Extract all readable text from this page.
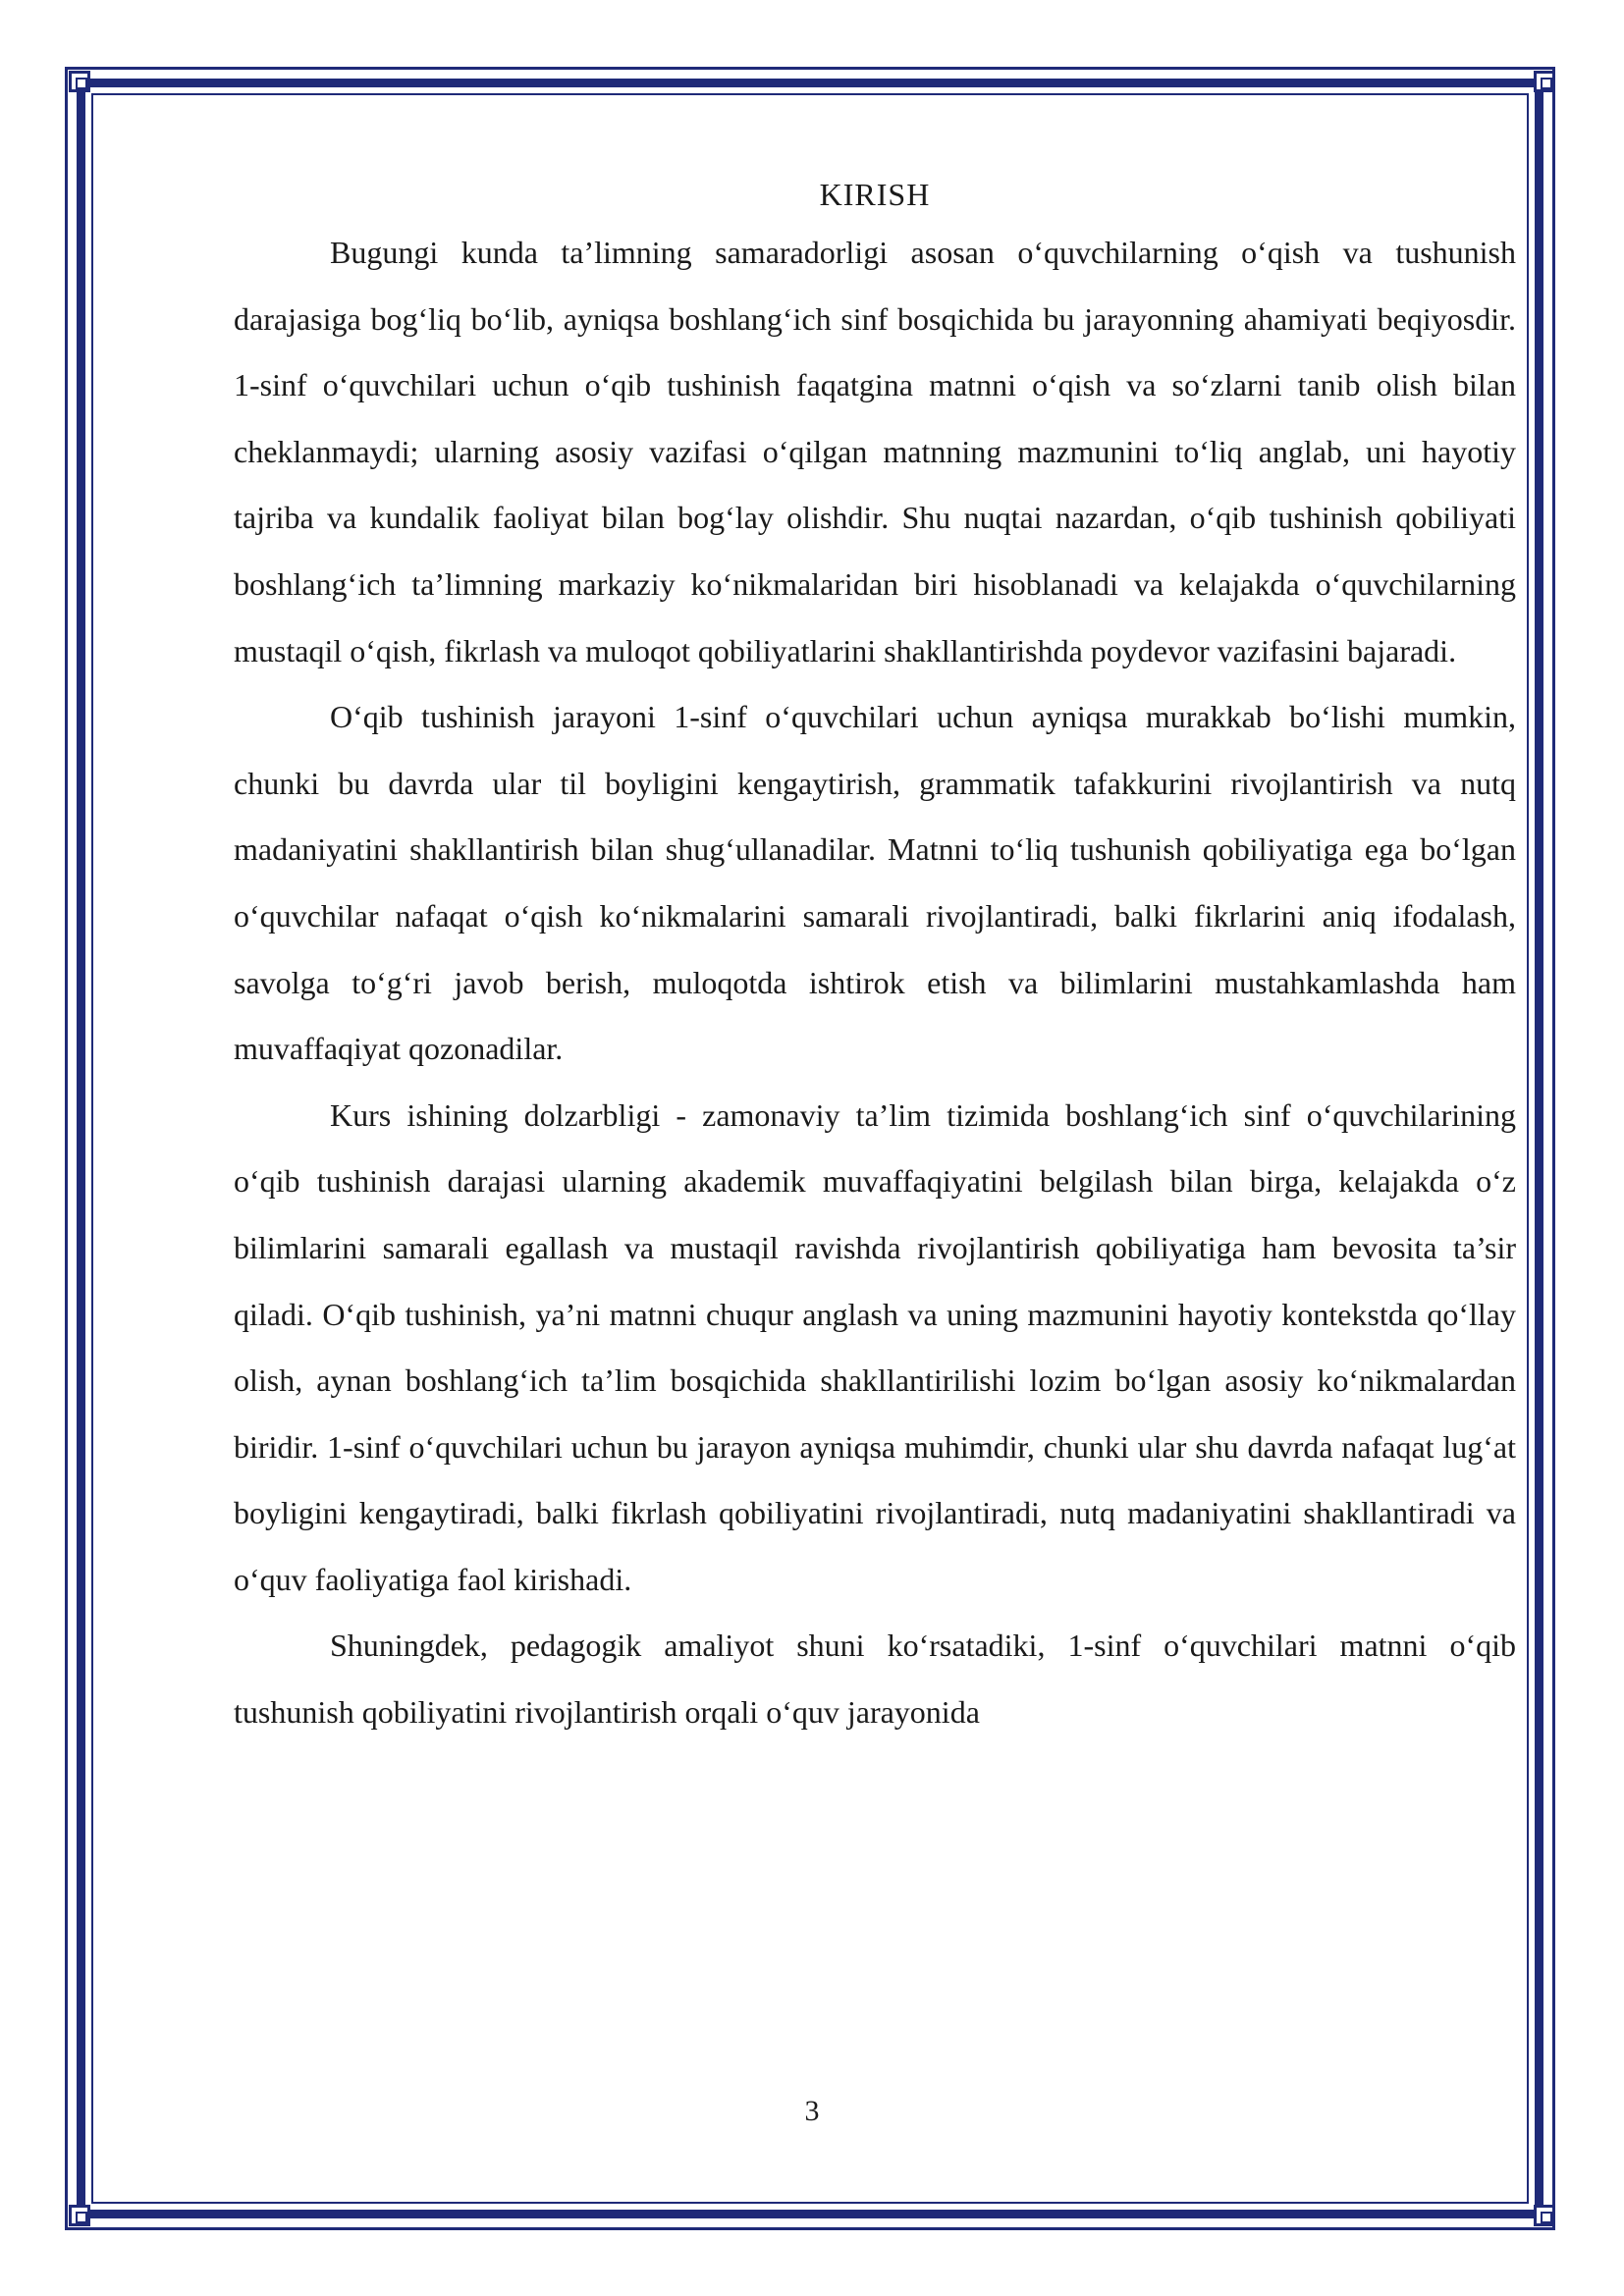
KIRISH

Bugungi kunda ta’limning samaradorligi asosan o‘quvchilarning o‘qish va tushunish darajasiga bog‘liq bo‘lib, ayniqsa boshlang‘ich sinf bosqichida bu jarayonning ahamiyati beqiyosdir. 1-sinf o‘quvchilari uchun o‘qib tushinish faqatgina matnni o‘qish va so‘zlarni tanib olish bilan cheklanmaydi; ularning asosiy vazifasi o‘qilgan matnning mazmunini to‘liq anglab, uni hayotiy tajriba va kundalik faoliyat bilan bog‘lay olishdir. Shu nuqtai nazardan, o‘qib tushinish qobiliyati boshlang‘ich ta’limning markaziy ko‘nikmalaridan biri hisoblanadi va kelajakda o‘quvchilarning mustaqil o‘qish, fikrlash va muloqot qobiliyatlarini shakllantirishda poydevor vazifasini bajaradi.

O‘qib tushinish jarayoni 1-sinf o‘quvchilari uchun ayniqsa murakkab bo‘lishi mumkin, chunki bu davrda ular til boyligini kengaytirish, grammatik tafakkurini rivojlantirish va nutq madaniyatini shakllantirish bilan shug‘ullanadilar. Matnni to‘liq tushunish qobiliyatiga ega bo‘lgan o‘quvchilar nafaqat o‘qish ko‘nikmalarini samarali rivojlantiradi, balki fikrlarini aniq ifodalash, savolga to‘g‘ri javob berish, muloqotda ishtirok etish va bilimlarini mustahkamlashda ham muvaffaqiyat qozonadilar.

Kurs ishining dolzarbligi - zamonaviy ta’lim tizimida boshlang‘ich sinf o‘quvchilarining o‘qib tushinish darajasi ularning akademik muvaffaqiyatini belgilash bilan birga, kelajakda o‘z bilimlarini samarali egallash va mustaqil ravishda rivojlantirish qobiliyatiga ham bevosita ta’sir qiladi. O‘qib tushinish, ya’ni matnni chuqur anglash va uning mazmunini hayotiy kontekstda qo‘llay olish, aynan boshlang‘ich ta’lim bosqichida shakllantirilishi lozim bo‘lgan asosiy ko‘nikmalardan biridir. 1-sinf o‘quvchilari uchun bu jarayon ayniqsa muhimdir, chunki ular shu davrda nafaqat lug‘at boyligini kengaytiradi, balki fikrlash qobiliyatini rivojlantiradi, nutq madaniyatini shakllantiradi va o‘quv faoliyatiga faol kirishadi.

Shuningdek, pedagogik amaliyot shuni ko‘rsatadiki, 1-sinf o‘quvchilari matnni o‘qib tushunish qobiliyatini rivojlantirish orqali o‘quv jarayonida

3
